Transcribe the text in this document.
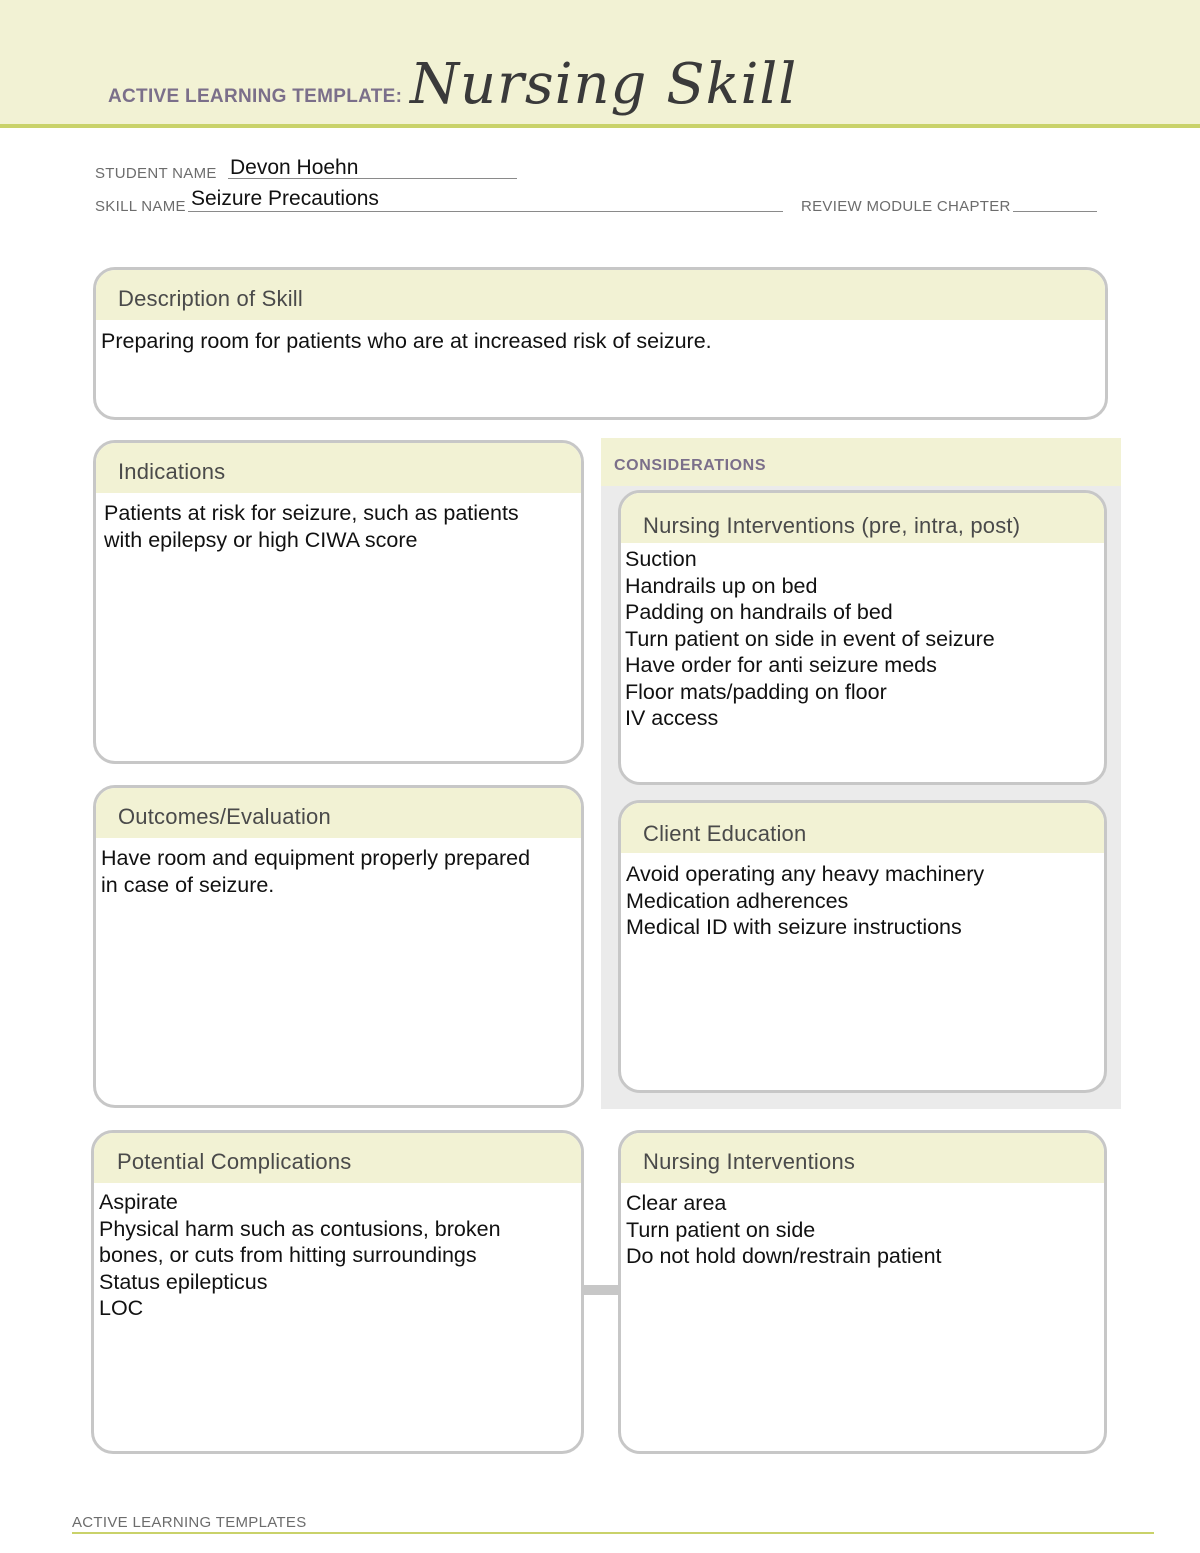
ACTIVE LEARNING TEMPLATE: Nursing Skill
STUDENT NAME Devon Hoehn
SKILL NAME Seizure Precautions	REVIEW MODULE CHAPTER
Description of Skill
Preparing room for patients who are at increased risk of seizure.
Indications
Patients at risk for seizure, such as patients
with epilepsy or high CIWA score
Outcomes/Evaluation
Have room and equipment properly prepared
in case of seizure.
CONSIDERATIONS
Nursing Interventions (pre, intra, post)
Suction
Handrails up on bed
Padding on handrails of bed
Turn patient on side in event of seizure
Have order for anti seizure meds
Floor mats/padding on floor
IV access
Client Education
Avoid operating any heavy machinery
Medication adherences
Medical ID with seizure instructions
Potential Complications
Aspirate
Physical harm such as contusions, broken
bones, or cuts from hitting surroundings
Status epilepticus
LOC
Nursing Interventions
Clear area
Turn patient on side
Do not hold down/restrain patient
ACTIVE LEARNING TEMPLATES
